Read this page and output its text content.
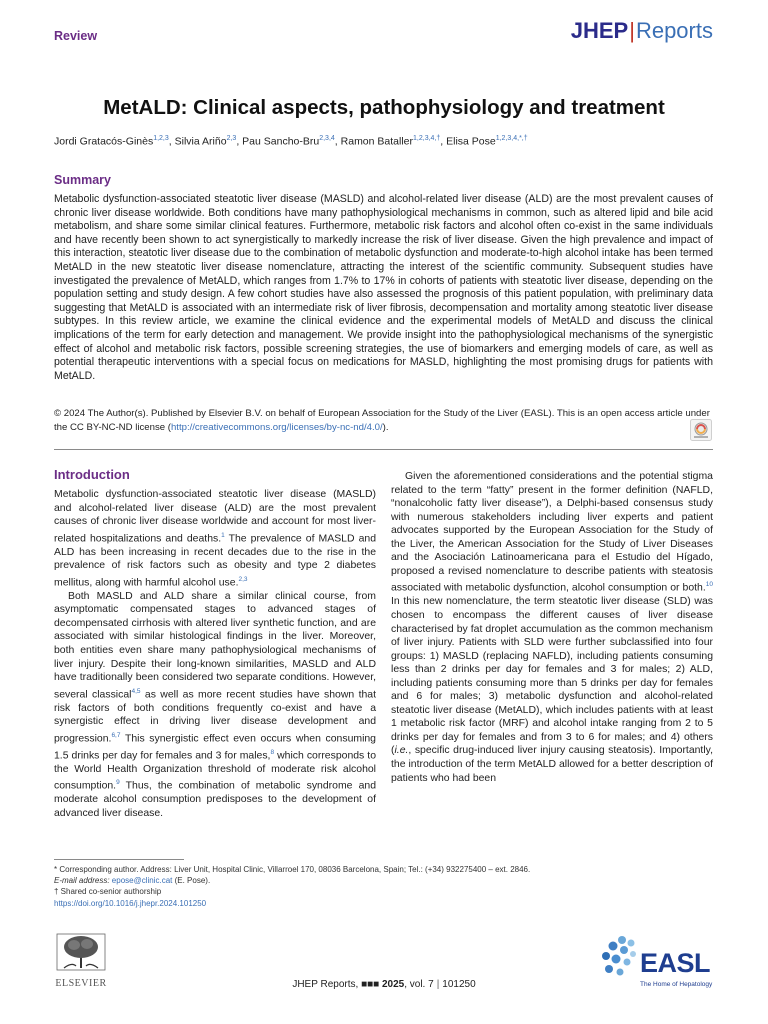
Review	JHEP|Reports
MetALD: Clinical aspects, pathophysiology and treatment
Jordi Gratacós-Ginès$^{1,2,3}$, Silvia Ariño$^{2,3}$, Pau Sancho-Bru$^{2,3,4}$, Ramon Bataller$^{1,2,3,4,\dagger}$, Elisa Pose$^{1,2,3,4,*,\dagger}$
Summary
Metabolic dysfunction-associated steatotic liver disease (MASLD) and alcohol-related liver disease (ALD) are the most prevalent causes of chronic liver disease worldwide. Both conditions have many pathophysiological mechanisms in common, such as altered lipid and bile acid metabolism, and share some similar clinical features. Furthermore, metabolic risk factors and alcohol often co-exist in the same individuals and have recently been shown to act synergistically to markedly increase the risk of liver disease. Given the high prevalence and impact of this interaction, steatotic liver disease due to the combination of metabolic dysfunction and moderate-to-high alcohol intake has been termed MetALD in the new steatotic liver disease nomenclature, attracting the interest of the scientific community. Subsequent studies have investigated the prevalence of MetALD, which ranges from 1.7% to 17% in cohorts of patients with steatotic liver disease, depending on the population setting and study design. A few cohort studies have also assessed the prognosis of this patient population, with preliminary data suggesting that MetALD is associated with an intermediate risk of liver fibrosis, decompensation and mortality among steatotic liver disease subtypes. In this review article, we examine the clinical evidence and the experimental models of MetALD and discuss the clinical implications of the term for early detection and management. We provide insight into the pathophysiological mechanisms of the synergistic effect of alcohol and metabolic risk factors, possible screening strategies, the use of biomarkers and emerging models of care, as well as potential therapeutic interventions with a special focus on medications for MASLD, highlighting the most promising drugs for patients with MetALD.
© 2024 The Author(s). Published by Elsevier B.V. on behalf of European Association for the Study of the Liver (EASL). This is an open access article under the CC BY-NC-ND license (http://creativecommons.org/licenses/by-nc-nd/4.0/).
Introduction

Metabolic dysfunction-associated steatotic liver disease (MASLD) and alcohol-related liver disease (ALD) are the most prevalent causes of chronic liver disease worldwide and account for most liver-related hospitalizations and deaths.$^1$ The prevalence of MASLD and ALD has been increasing in recent decades due to the rise in the prevalence of risk factors such as obesity and type 2 diabetes mellitus, along with harmful alcohol use.$^{2,3}$

Both MASLD and ALD share a similar clinical course, from asymptomatic compensated stages to advanced stages of decompensated cirrhosis with altered liver synthetic function, and are associated with similar histological findings in the liver. Moreover, both entities even share many pathophysiological mechanisms of liver injury. Despite their long-known similarities, MASLD and ALD have traditionally been considered two separate conditions. However, several classical$^{4,5}$ as well as more recent studies have shown that risk factors of both conditions frequently co-exist and have a synergistic effect in driving liver disease development and progression.$^{6,7}$ This synergistic effect even occurs when consuming 1.5 drinks per day for females and 3 for males,$^8$ which corresponds to the World Health Organization threshold of moderate risk alcohol consumption.$^9$ Thus, the combination of metabolic syndrome and moderate alcohol consumption predisposes to the development of advanced liver disease.

Given the aforementioned considerations and the potential stigma related to the term “fatty” present in the former definition (NAFLD, “nonalcoholic fatty liver disease”), a Delphi-based consensus study with numerous stakeholders including liver experts and patient advocates supported by the European Association for the Study of the Liver, the American Association for the Study of Liver Diseases and the Asociación Latinoamericana para el Estudio del Hígado, proposed a revised nomenclature to describe patients with steatosis associated with metabolic dysfunction, alcohol consumption or both.$^{10}$ In this new nomenclature, the term steatotic liver disease (SLD) was chosen to encompass the different causes of liver disease characterised by fat droplet accumulation as the common mechanism of liver injury. Patients with SLD were further subclassified into four groups: 1) MASLD (replacing NAFLD), including patients consuming less than 2 drinks per day for females and 3 for males; 2) ALD, including patients consuming more than 5 drinks per day for females and 6 for males; 3) metabolic dysfunction and alcohol-related steatotic liver disease (MetALD), which includes patients with at least 1 metabolic risk factor (MRF) and alcohol intake ranging from 2 to 5 drinks per day for females and from 3 to 6 for males; and 4) others (i.e., specific drug-induced liver injury causing steatosis). Importantly, the introduction of the term MetALD allowed for a better description of patients who had been

* Corresponding author. Address: Liver Unit, Hospital Clinic, Villarroel 170, 08036 Barcelona, Spain; Tel.: (+34) 932275400 – ext. 2846.
E-mail address: epose@clinic.cat (E. Pose).
† Shared co-senior authorship
https://doi.org/10.1016/j.jhepr.2024.101250
ELSEVIER	JHEP Reports, ■■■ 2025, vol. 7 | 101250
EASL
The Home of Hepatology
